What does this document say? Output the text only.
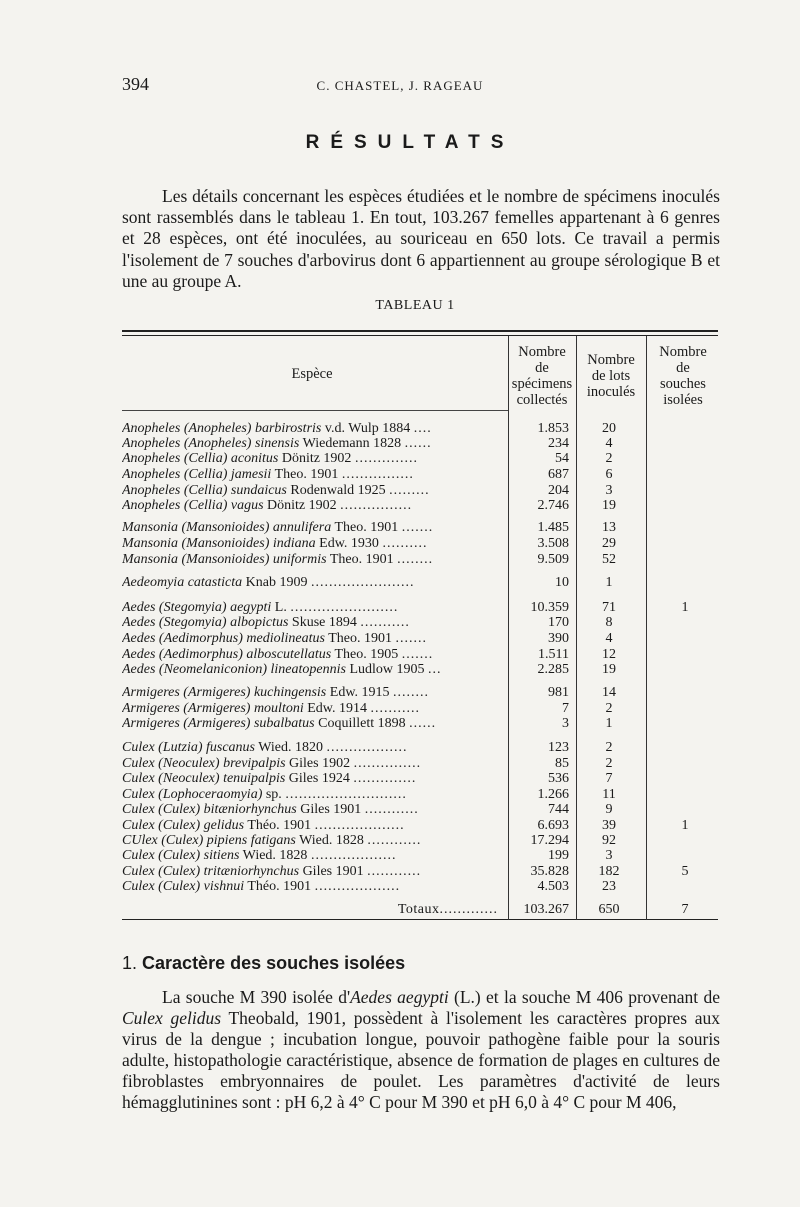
394	C. CHASTEL, J. RAGEAU
RÉSULTATS

Les détails concernant les espèces étudiées et le nombre de spécimens inoculés sont rassemblés dans le tableau 1. En tout, 103.267 femelles appartenant à 6 genres et 28 espèces, ont été inoculées, au souriceau en 650 lots. Ce travail a permis l'isolement de 7 souches d'arbovirus dont 6 appartiennent au groupe sérologique B et une au groupe A.

TABLEAU 1
Espèce
Nombre
de
spécimens
collectés
Nombre
de lots
inoculés
Nombre
de
souches
isolées
Anopheles (Anopheles) barbirostris v.d. Wulp 1884 ....	1.853	20
Anopheles (Anopheles) sinensis Wiedemann 1828 ......	234	4
Anopheles (Cellia) aconitus Dönitz 1902 ..............	54	2
Anopheles (Cellia) jamesii Theo. 1901 ................	687	6
Anopheles (Cellia) sundaicus Rodenwald 1925 .........	204	3
Anopheles (Cellia) vagus Dönitz 1902 ................	2.746	19
Mansonia (Mansonioides) annulifera Theo. 1901 .......	1.485	13
Mansonia (Mansonioides) indiana Edw. 1930 ..........	3.508	29
Mansonia (Mansonioides) uniformis Theo. 1901 ........	9.509	52
Aedeomyia catasticta Knab 1909 .......................	10	1
Aedes (Stegomyia) aegypti L. ........................	10.359	71	1
Aedes (Stegomyia) albopictus Skuse 1894 ...........	170	8
Aedes (Aedimorphus) mediolineatus Theo. 1901 .......	390	4
Aedes (Aedimorphus) alboscutellatus Theo. 1905 .......	1.511	12
Aedes (Neomelaniconion) lineatopennis Ludlow 1905 ...	2.285	19
Armigeres (Armigeres) kuchingensis Edw. 1915 ........	981	14
Armigeres (Armigeres) moultoni Edw. 1914 ...........	7	2
Armigeres (Armigeres) subalbatus Coquillett 1898 ......	3	1
Culex (Lutzia) fuscanus Wied. 1820 ..................	123	2
Culex (Neoculex) brevipalpis Giles 1902 ...............	85	2
Culex (Neoculex) tenuipalpis Giles 1924 ..............	536	7
Culex (Lophoceraomyia) sp. ...........................	1.266	11
Culex (Culex) bitæniorhynchus Giles 1901 ............	744	9
Culex (Culex) gelidus Théo. 1901 ....................	6.693	39	1
CUlex (Culex) pipiens fatigans Wied. 1828 ............	17.294	92
Culex (Culex) sitiens Wied. 1828 ...................	199	3
Culex (Culex) tritæniorhynchus Giles 1901 ............	35.828	182	5
Culex (Culex) vishnui Théo. 1901 ...................	4.503	23
Totaux.............	103.267	650	7
1. Caractère des souches isolées

La souche M 390 isolée d'Aedes aegypti (L.) et la souche M 406 provenant de Culex gelidus Theobald, 1901, possèdent à l'isolement les caractères propres aux virus de la dengue ; incubation longue, pouvoir pathogène faible pour la souris adulte, histopathologie caractéristique, absence de formation de plages en cultures de fibroblastes embryonnaires de poulet. Les paramètres d'activité de leurs hémagglutinines sont : pH 6,2 à 4° C pour M 390 et pH 6,0 à 4° C pour M 406,
